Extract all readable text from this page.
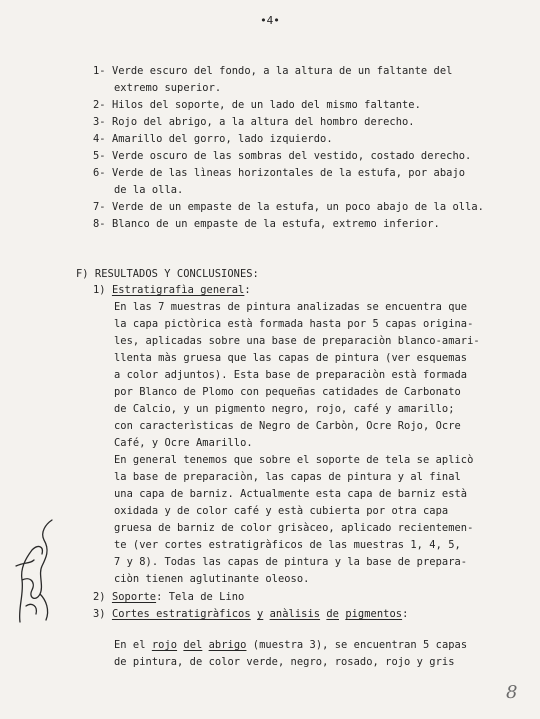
•4•
1- Verde escuro del fondo, a la altura de un faltante del
extremo superior.
2- Hilos del soporte, de un lado del mismo faltante.
3- Rojo del abrigo, a la altura del hombro derecho.
4- Amarillo del gorro, lado izquierdo.
5- Verde oscuro de las sombras del vestido, costado derecho.
6- Verde de las lìneas horizontales de la estufa, por abajo
de la olla.
7- Verde de un empaste de la estufa, un poco abajo de la olla.
8- Blanco de un empaste de la estufa, extremo inferior.
F) RESULTADOS Y CONCLUSIONES:
1) Estratigrafìa general:
En las 7 muestras de pintura analizadas se encuentra que
la capa pictòrica està formada hasta por 5 capas origina-
les, aplicadas sobre una base de preparaciòn blanco-amari-
llenta màs gruesa que las capas de pintura (ver esquemas
a color adjuntos). Esta base de preparaciòn està formada
por Blanco de Plomo con pequeñas catidades de Carbonato
de Calcio, y un pigmento negro, rojo, café y amarillo;
con caracterìsticas de Negro de Carbòn, Ocre Rojo, Ocre
Café, y Ocre Amarillo.
En general tenemos que sobre el soporte de tela se aplicò
la base de preparaciòn, las capas de pintura y al final
una capa de barniz. Actualmente esta capa de barniz està
oxidada y de color café y està cubierta por otra capa
gruesa de barniz de color grisàceo, aplicado recientemen-
te (ver cortes estratigràficos de las muestras 1, 4, 5,
7 y 8). Todas las capas de pintura y la base de prepara-
ciòn tienen aglutinante oleoso.
2) Soporte: Tela de Lino
3) Cortes estratigràficos y anàlisis de pigmentos:
En el rojo del abrigo (muestra 3), se encuentran 5 capas
de pintura, de color verde, negro, rosado, rojo y gris
8
